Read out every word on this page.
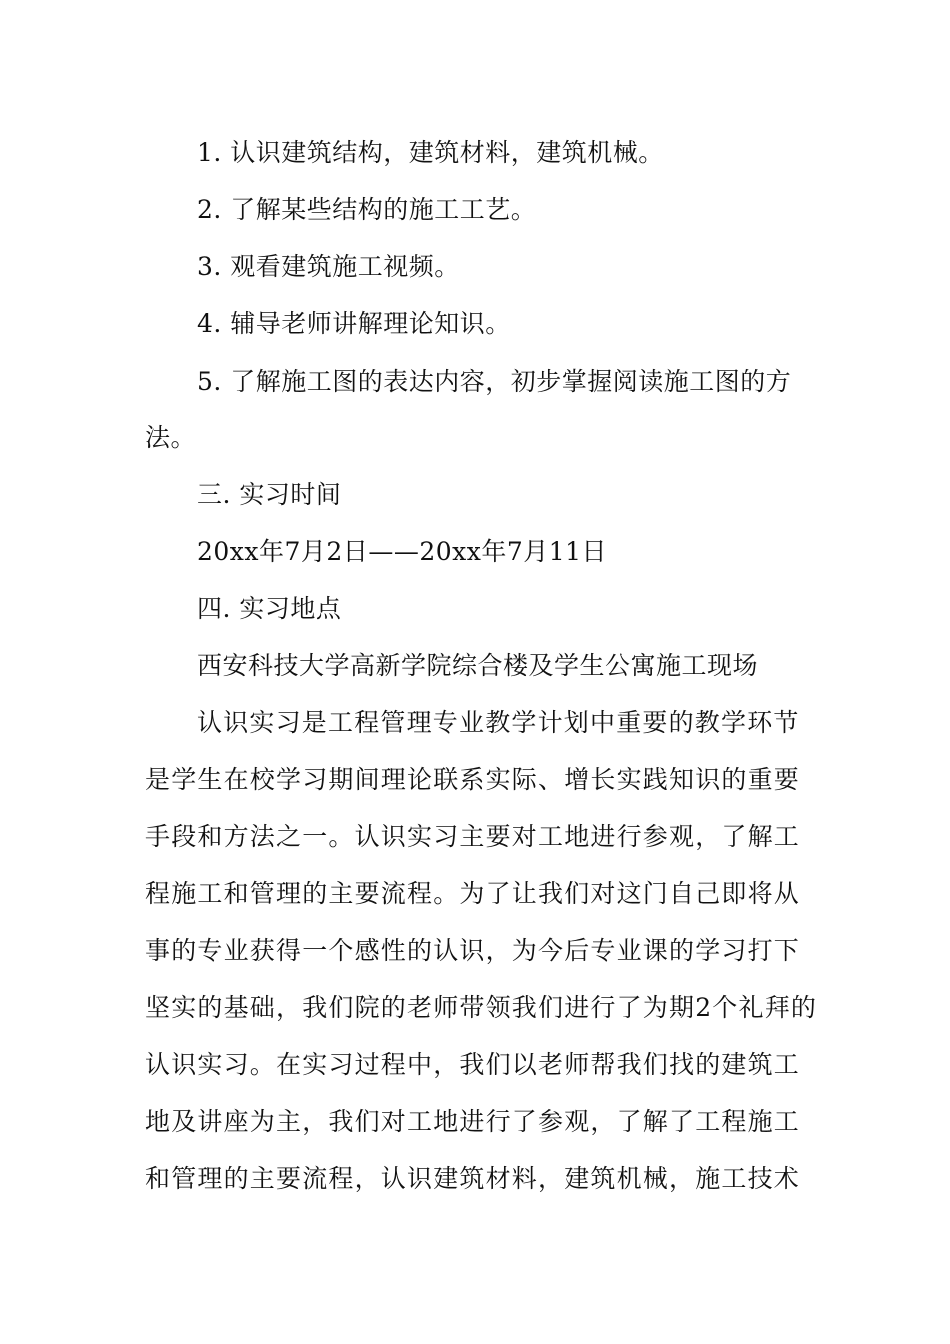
1. 认识建筑结构，建筑材料，建筑机械。
2. 了解某些结构的施工工艺。
3. 观看建筑施工视频。
4. 辅导老师讲解理论知识。
5. 了解施工图的表达内容，初步掌握阅读施工图的方
法。
三. 实习时间
20xx年7月2日——20xx年7月11日
四. 实习地点
西安科技大学高新学院综合楼及学生公寓施工现场
认识实习是工程管理专业教学计划中重要的教学环节
是学生在校学习期间理论联系实际、增长实践知识的重要
手段和方法之一。认识实习主要对工地进行参观，了解工
程施工和管理的主要流程。为了让我们对这门自己即将从
事的专业获得一个感性的认识，为今后专业课的学习打下
坚实的基础，我们院的老师带领我们进行了为期2个礼拜的
认识实习。在实习过程中，我们以老师帮我们找的建筑工
地及讲座为主，我们对工地进行了参观，了解了工程施工
和管理的主要流程，认识建筑材料，建筑机械，施工技术
